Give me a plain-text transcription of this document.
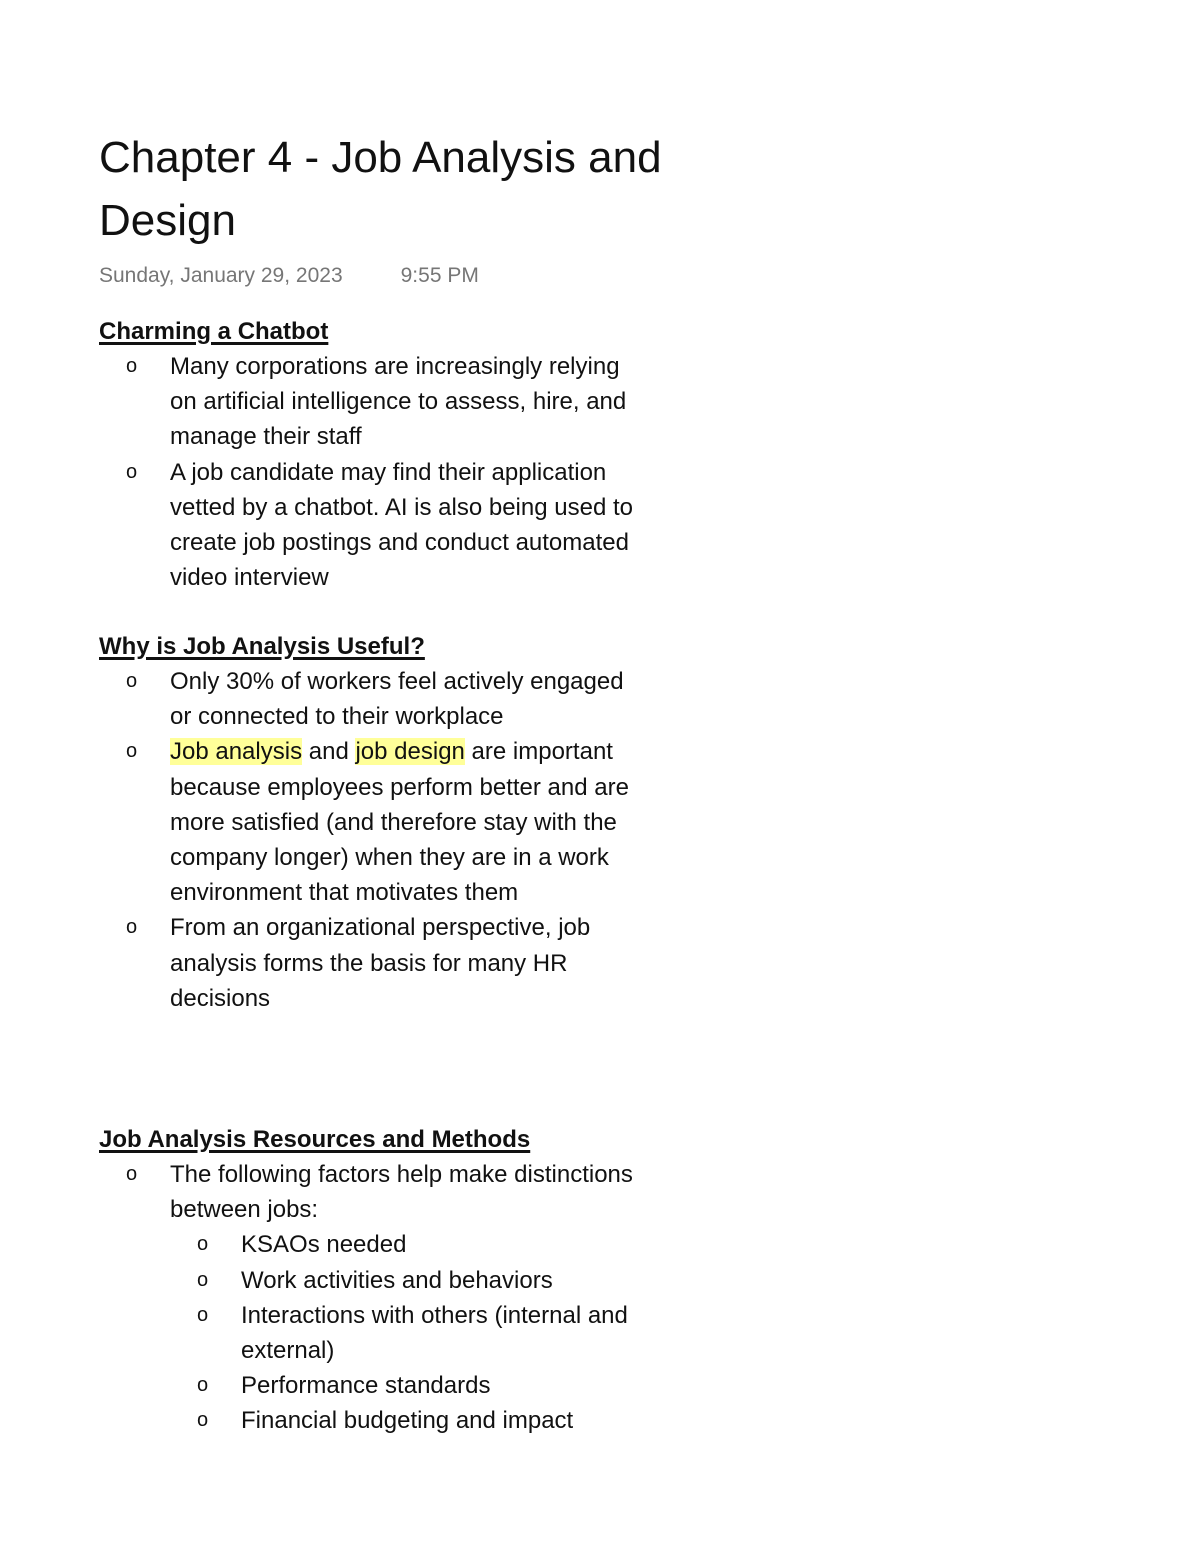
Chapter 4 - Job Analysis and Design
Sunday, January 29, 2023	9:55 PM

Charming a Chatbot

o Many corporations are increasingly relying on artificial intelligence to assess, hire, and manage their staff
o A job candidate may find their application vetted by a chatbot. AI is also being used to create job postings and conduct automated video interview

Why is Job Analysis Useful?

o Only 30% of workers feel actively engaged or connected to their workplace
o Job analysis and job design are important because employees perform better and are more satisfied (and therefore stay with the company longer) when they are in a work environment that motivates them
o From an organizational perspective, job analysis forms the basis for many HR decisions

Job Analysis Resources and Methods

o The following factors help make distinctions between jobs:
o KSAOs needed
o Work activities and behaviors
o Interactions with others (internal and external)
o Performance standards
o Financial budgeting and impact
